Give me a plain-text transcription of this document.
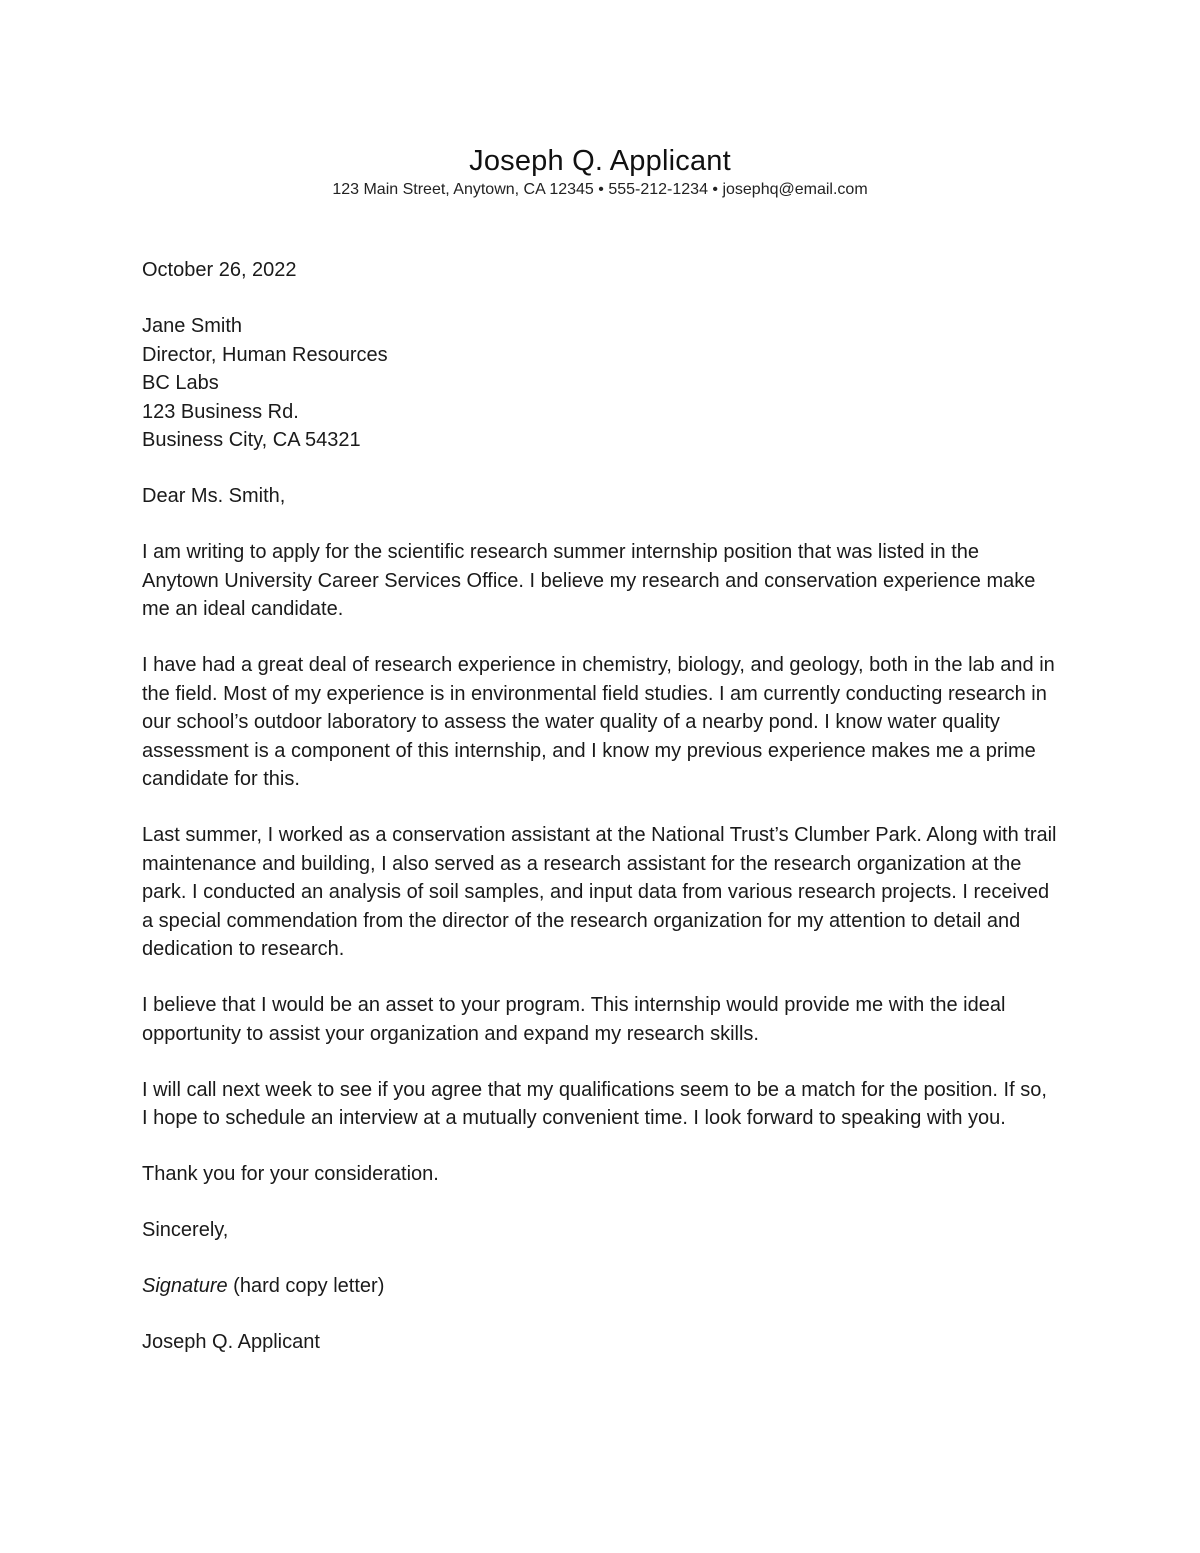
Joseph Q. Applicant
123 Main Street, Anytown, CA 12345 • 555-212-1234 • josephq@email.com

October 26, 2022

Jane Smith
Director, Human Resources
BC Labs
123 Business Rd.
Business City, CA 54321

Dear Ms. Smith,

I am writing to apply for the scientific research summer internship position that was listed in the Anytown University Career Services Office. I believe my research and conservation experience make me an ideal candidate.

I have had a great deal of research experience in chemistry, biology, and geology, both in the lab and in the field. Most of my experience is in environmental field studies. I am currently conducting research in our school’s outdoor laboratory to assess the water quality of a nearby pond. I know water quality assessment is a component of this internship, and I know my previous experience makes me a prime candidate for this.

Last summer, I worked as a conservation assistant at the National Trust’s Clumber Park. Along with trail maintenance and building, I also served as a research assistant for the research organization at the park. I conducted an analysis of soil samples, and input data from various research projects. I received a special commendation from the director of the research organization for my attention to detail and dedication to research.

I believe that I would be an asset to your program. This internship would provide me with the ideal opportunity to assist your organization and expand my research skills.

I will call next week to see if you agree that my qualifications seem to be a match for the position. If so, I hope to schedule an interview at a mutually convenient time. I look forward to speaking with you.

Thank you for your consideration.

Sincerely,

Signature (hard copy letter)

Joseph Q. Applicant
